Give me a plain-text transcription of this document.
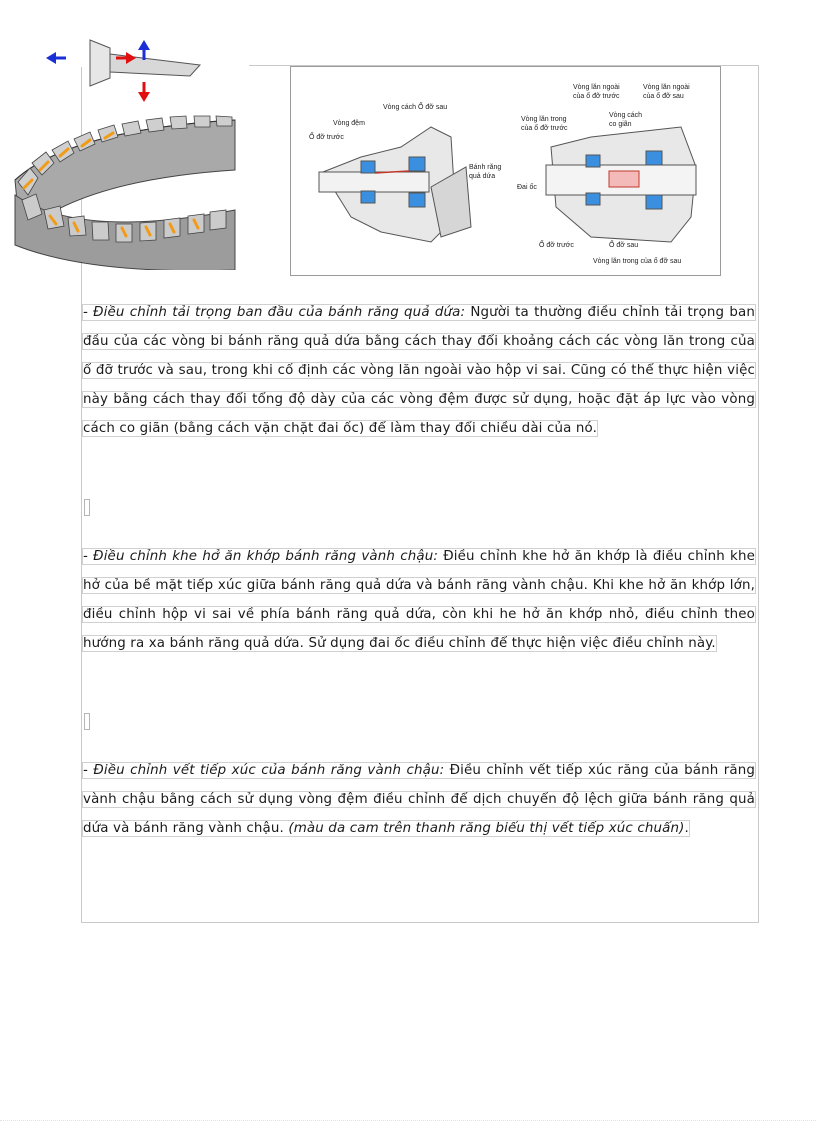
Vòng cách Ổ đỡ sau
Vòng đệm
Ổ đỡ trước
Bánh răng
quả dứa
Vòng lăn ngoài
của ổ đỡ trước
Vòng lăn ngoài
của ổ đỡ sau
Vòng lăn trong
của ổ đỡ trước
Vòng cách
co giãn
Đai ốc
Ổ đỡ trước	Ổ đỡ sau
Vòng lăn trong của ổ đỡ sau
- Điều chỉnh tải trọng ban đầu của bánh răng quả dứa: Người ta thường điều chỉnh tải trọng ban đầu của các vòng bi bánh răng quả dứa bằng cách thay đổi khoảng cách các vòng lăn trong của ổ đỡ trước và sau, trong khi cố định các vòng lăn ngoài vào hộp vi sai. Cũng có thể thực hiện việc này bằng cách thay đổi tổng độ dày của các vòng đệm được sử dụng, hoặc đặt áp lực vào vòng cách co giãn (bằng cách vặn chặt đai ốc) để làm thay đổi chiều dài của nó.
- Điều chỉnh khe hở ăn khớp bánh răng vành chậu: Điều chỉnh khe hở ăn khớp là điều chỉnh khe hở của bề mặt tiếp xúc giữa bánh răng quả dứa và bánh răng vành chậu. Khi khe hở ăn khớp lớn, điều chỉnh hộp vi sai về phía bánh răng quả dứa, còn khi he hở ăn khớp nhỏ, điều chỉnh theo hướng ra xa bánh răng quả dứa. Sử dụng đai ốc điều chỉnh để thực hiện việc điều chỉnh này.
- Điều chỉnh vết tiếp xúc của bánh răng vành chậu: Điều chỉnh vết tiếp xúc răng của bánh răng vành chậu bằng cách sử dụng vòng đệm điều chỉnh để dịch chuyển độ lệch giữa bánh răng quả dứa và bánh răng vành chậu. (màu da cam trên thanh răng biểu thị vết tiếp xúc chuẩn).
